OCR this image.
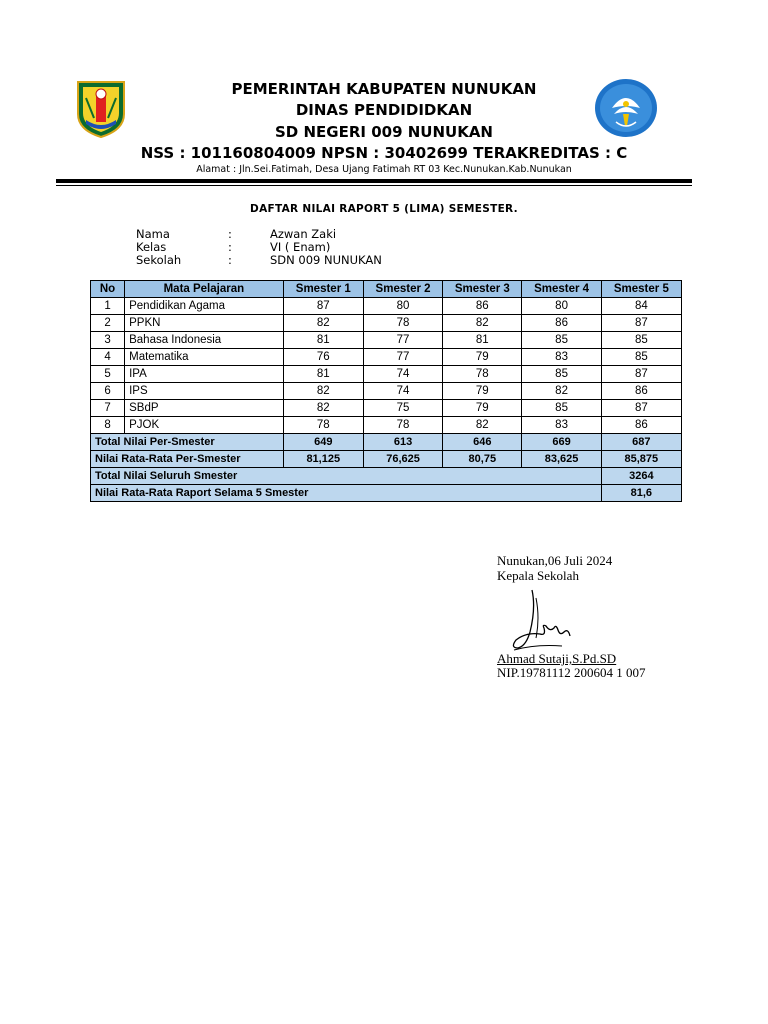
PEMERINTAH KABUPATEN NUNUKAN
DINAS PENDIDIDKAN
SD NEGERI 009 NUNUKAN
NSS : 101160804009 NPSN : 30402699 TERAKREDITAS : C
Alamat : Jln.Sei.Fatimah, Desa Ujang Fatimah RT 03 Kec.Nunukan.Kab.Nunukan
DAFTAR NILAI RAPORT 5 (LIMA) SEMESTER.
Nama	:	Azwan Zaki
Kelas	:	VI ( Enam)
Sekolah	:	SDN 009 NUNUKAN
No	Mata Pelajaran	Smester 1	Smester 2	Smester 3	Smester 4	Smester 5
1	Pendidikan Agama	87	80	86	80	84
2	PPKN	82	78	82	86	87
3	Bahasa Indonesia	81	77	81	85	85
4	Matematika	76	77	79	83	85
5	IPA	81	74	78	85	87
6	IPS	82	74	79	82	86
7	SBdP	82	75	79	85	87
8	PJOK	78	78	82	83	86
Total Nilai Per-Smester		649	613	646	669	687
Nilai Rata-Rata Per-Smester		81,125	76,625	80,75	83,625	85,875
Total Nilai Seluruh Smester						3264
Nilai Rata-Rata Raport Selama 5 Smester						81,6
Nunukan,06 Juli 2024
Kepala Sekolah
Ahmad Sutaji,S.Pd.SD
NIP.19781112 200604 1 007
